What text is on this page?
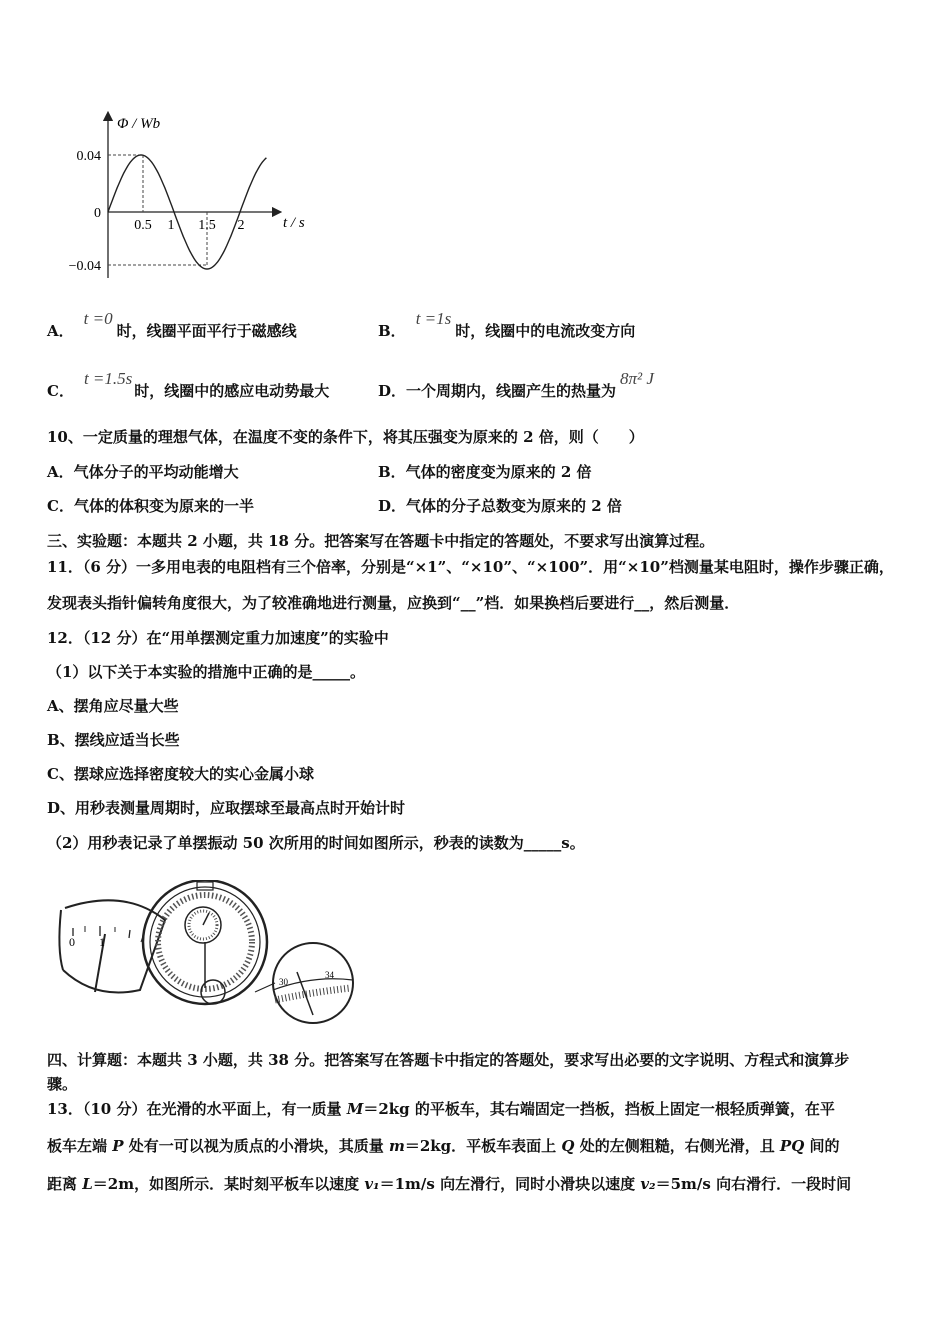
Φ / Wb
t / s
0.04
0
−0.04
0.5 1 1.5 2
A．t =0时，线圈平面平行于磁感线	B．t =1s时，线圈中的电流改变方向
C．t =1.5s时，线圈中的感应电动势最大	D．一个周期内，线圈产生的热量为8π² J
10、一定质量的理想气体，在温度不变的条件下，将其压强变为原来的 2 倍，则（　　）
A．气体分子的平均动能增大	B．气体的密度变为原来的 2 倍
C．气体的体积变为原来的一半	D．气体的分子总数变为原来的 2 倍
三、实验题：本题共 2 小题，共 18 分。把答案写在答题卡中指定的答题处，不要求写出演算过程。
11．（6 分）一多用电表的电阻档有三个倍率，分别是“×1”、“×10”、“×100”．用“×10”档测量某电阻时，操作步骤正确，
发现表头指针偏转角度很大，为了较准确地进行测量，应换到“__”档．如果换档后要进行__，然后测量．
12．（12 分）在“用单摆测定重力加速度”的实验中
（1）以下关于本实验的措施中正确的是_____。
A、摆角应尽量大些
B、摆线应适当长些
C、摆球应选择密度较大的实心金属小球
D、用秒表测量周期时，应取摆球至最高点时开始计时
（2）用秒表记录了单摆振动 50 次所用的时间如图所示，秒表的读数为_____s。
0 1
30
34
四、计算题：本题共 3 小题，共 38 分。把答案写在答题卡中指定的答题处，要求写出必要的文字说明、方程式和演算步
骤。
13．（10 分）在光滑的水平面上，有一质量 M＝2kg 的平板车，其右端固定一挡板，挡板上固定一根轻质弹簧，在平
板车左端 P 处有一可以视为质点的小滑块，其质量 m＝2kg．平板车表面上 Q 处的左侧粗糙，右侧光滑，且 PQ 间的
距离 L＝2m，如图所示．某时刻平板车以速度 v₁＝1m/s 向左滑行，同时小滑块以速度 v₂＝5m/s 向右滑行．一段时间
